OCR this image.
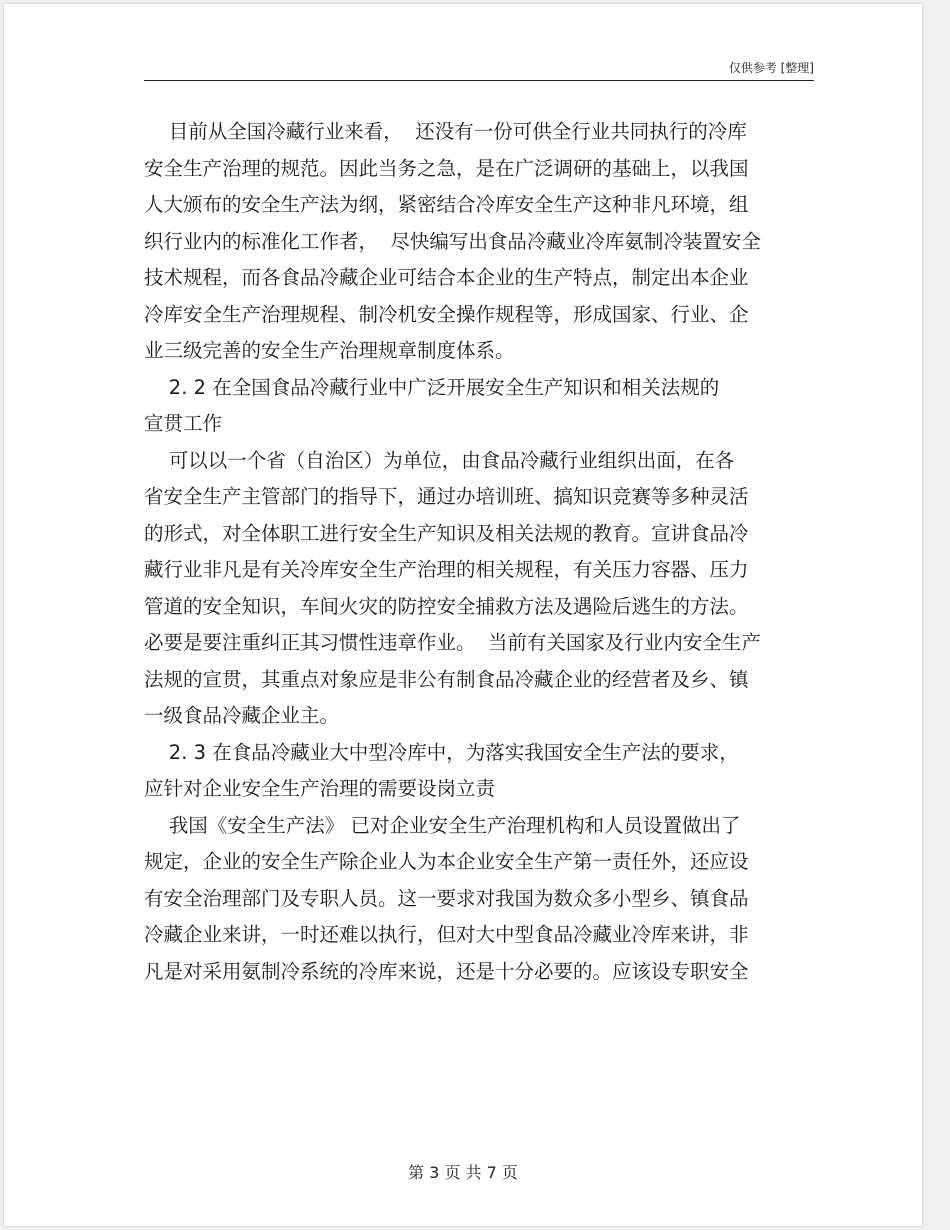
仅供参考 [整理]
目前从全国冷藏行业来看，  还没有一份可供全行业共同执行的冷库
安全生产治理的规范。因此当务之急，是在广泛调研的基础上，以我国
人大颁布的安全生产法为纲，紧密结合冷库安全生产这种非凡环境，组
织行业内的标准化工作者，  尽快编写出食品冷藏业冷库氨制冷装置安全
技术规程，而各食品冷藏企业可结合本企业的生产特点，制定出本企业
冷库安全生产治理规程、制冷机安全操作规程等，形成国家、行业、企
业三级完善的安全生产治理规章制度体系。
2. 2 在全国食品冷藏行业中广泛开展安全生产知识和相关法规的
宣贯工作
可以以一个省（自治区）为单位，由食品冷藏行业组织出面，在各
省安全生产主管部门的指导下，通过办培训班、搞知识竞赛等多种灵活
的形式，对全体职工进行安全生产知识及相关法规的教育。宣讲食品冷
藏行业非凡是有关冷库安全生产治理的相关规程，有关压力容器、压力
管道的安全知识，车间火灾的防控安全捕救方法及遇险后逃生的方法。
必要是要注重纠正其习惯性违章作业。  当前有关国家及行业内安全生产
法规的宣贯，其重点对象应是非公有制食品冷藏企业的经营者及乡、镇
一级食品冷藏企业主。
2. 3 在食品冷藏业大中型冷库中，为落实我国安全生产法的要求，
应针对企业安全生产治理的需要设岗立责
我国《安全生产法》 已对企业安全生产治理机构和人员设置做出了
规定，企业的安全生产除企业人为本企业安全生产第一责任外，还应设
有安全治理部门及专职人员。这一要求对我国为数众多小型乡、镇食品
冷藏企业来讲，一时还难以执行，但对大中型食品冷藏业冷库来讲，非
凡是对采用氨制冷系统的冷库来说，还是十分必要的。应该设专职安全
第 3 页 共 7 页
